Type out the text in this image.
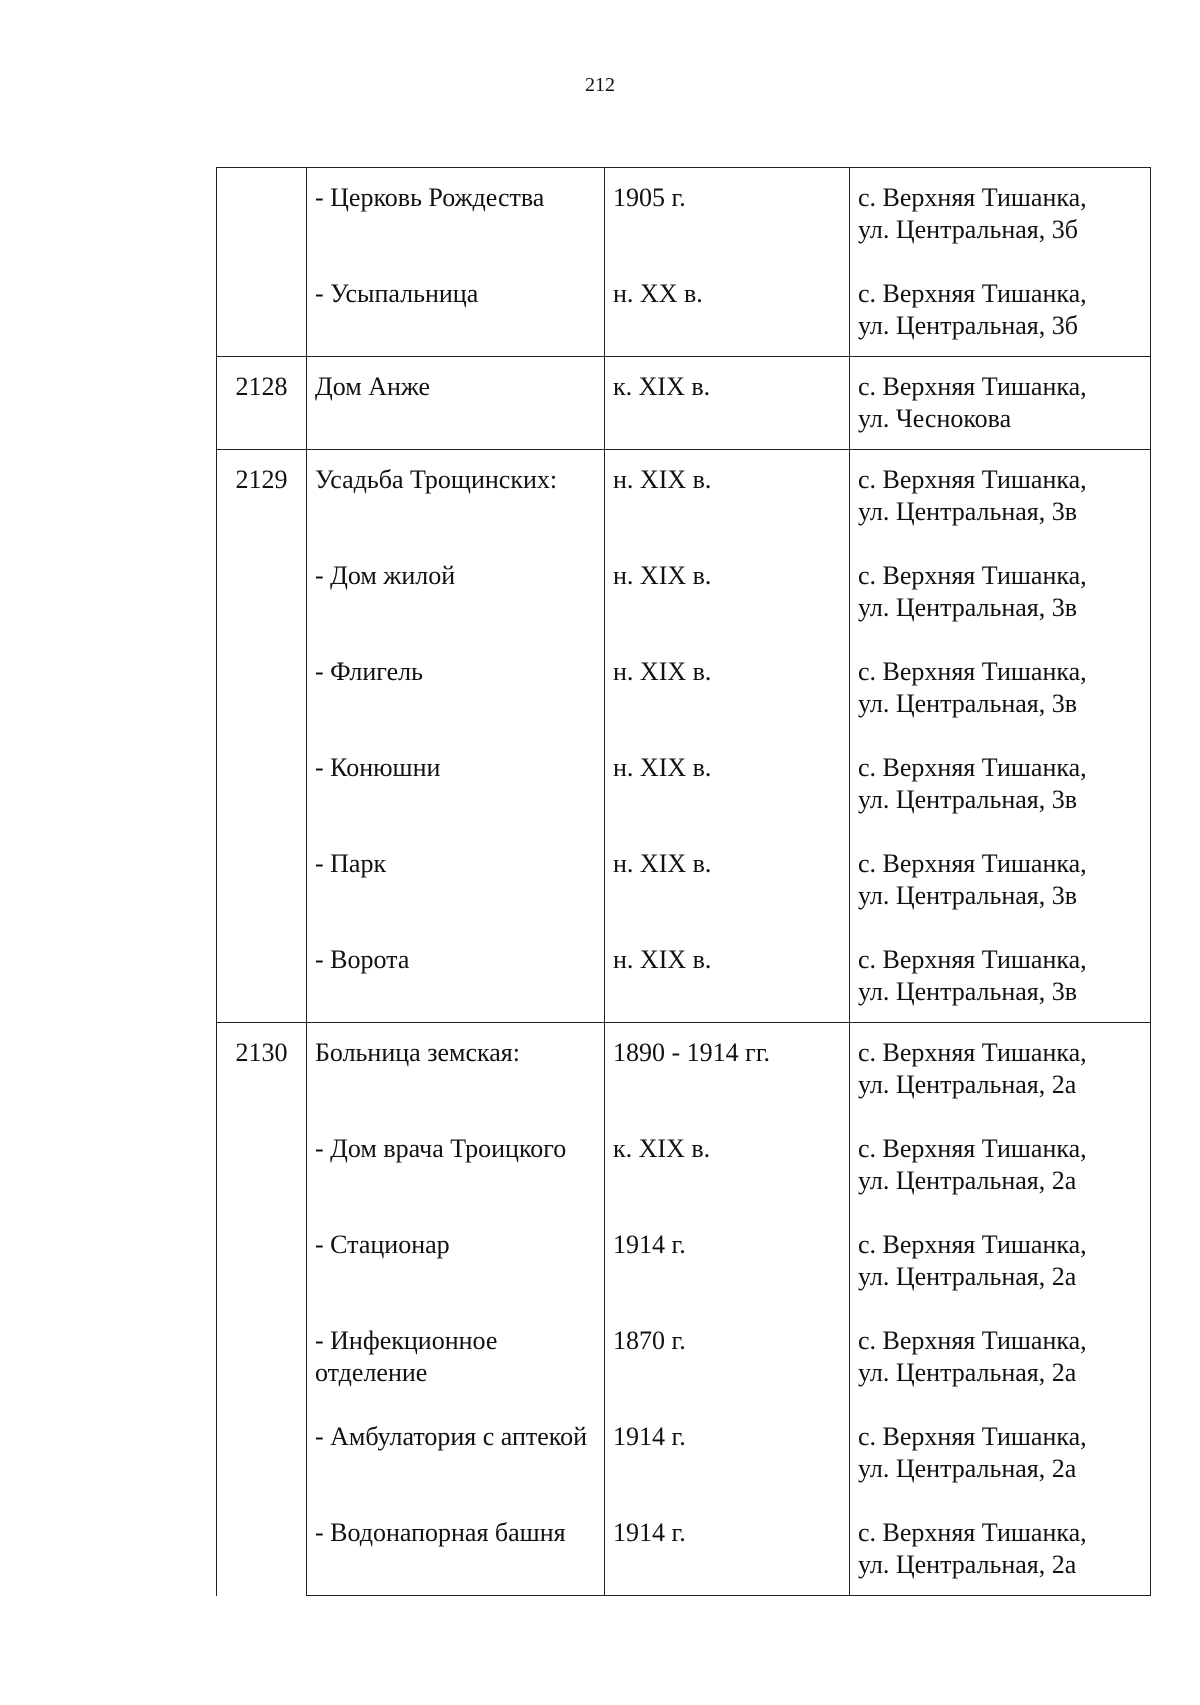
212

	- Церковь Рождества	1905 г.	с. Верхняя Тишанка,
ул. Центральная, 3б

	- Усыпальница	н. XX в.	с. Верхняя Тишанка,
ул. Центральная, 3б

2128	Дом Анже	к. XIX в.	с. Верхняя Тишанка,
ул. Чеснокова

2129	Усадьба Трощинских:	н. XIX в.	с. Верхняя Тишанка,
ул. Центральная, 3в

	- Дом жилой	н. XIX в.	с. Верхняя Тишанка,
ул. Центральная, 3в

	- Флигель	н. XIX в.	с. Верхняя Тишанка,
ул. Центральная, 3в

	- Конюшни	н. XIX в.	с. Верхняя Тишанка,
ул. Центральная, 3в

	- Парк	н. XIX в.	с. Верхняя Тишанка,
ул. Центральная, 3в

	- Ворота	н. XIX в.	с. Верхняя Тишанка,
ул. Центральная, 3в

2130	Больница земская:	1890 - 1914 гг.	с. Верхняя Тишанка,
ул. Центральная, 2а

	- Дом врача Троицкого	к. XIX в.	с. Верхняя Тишанка,
ул. Центральная, 2а

	- Стационар	1914 г.	с. Верхняя Тишанка,
ул. Центральная, 2а

	- Инфекционное отделение	1870 г.	с. Верхняя Тишанка,
ул. Центральная, 2а

	- Амбулатория с аптекой	1914 г.	с. Верхняя Тишанка,
ул. Центральная, 2а

	- Водонапорная башня	1914 г.	с. Верхняя Тишанка,
ул. Центральная, 2а
